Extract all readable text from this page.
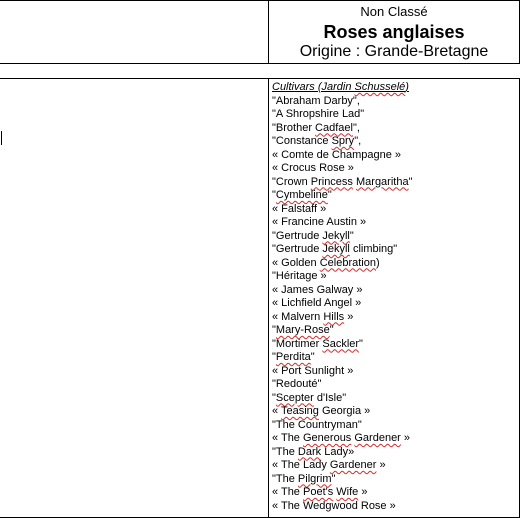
Non Classé
Roses anglaises
Origine : Grande-Bretagne
Cultivars (Jardin Schusselé)
"Abraham Darby",
"A Shropshire Lad"
"Brother Cadfael",
"Constance Spry",
« Comte de Champagne »
« Crocus Rose »
"Crown Princess Margaritha"
"Cymbeline"
« Falstaff »
« Francine Austin »
"Gertrude Jekyll"
"Gertrude Jekyll climbing"
« Golden Celebration)
"Héritage »
« James Galway »
« Lichfield Angel »
« Malvern Hills »
"Mary-Rose"
"Mortimer Sackler"
"Perdita"
« Port Sunlight »
"Redouté"
"Scepter d'Isle"
« Teasing Georgia »
"The Countryman"
« The Generous Gardener »
"The Dark Lady»
« The Lady Gardener »
"The Pilgrim"
« The Poet's Wife »
« The Wedgwood Rose »
